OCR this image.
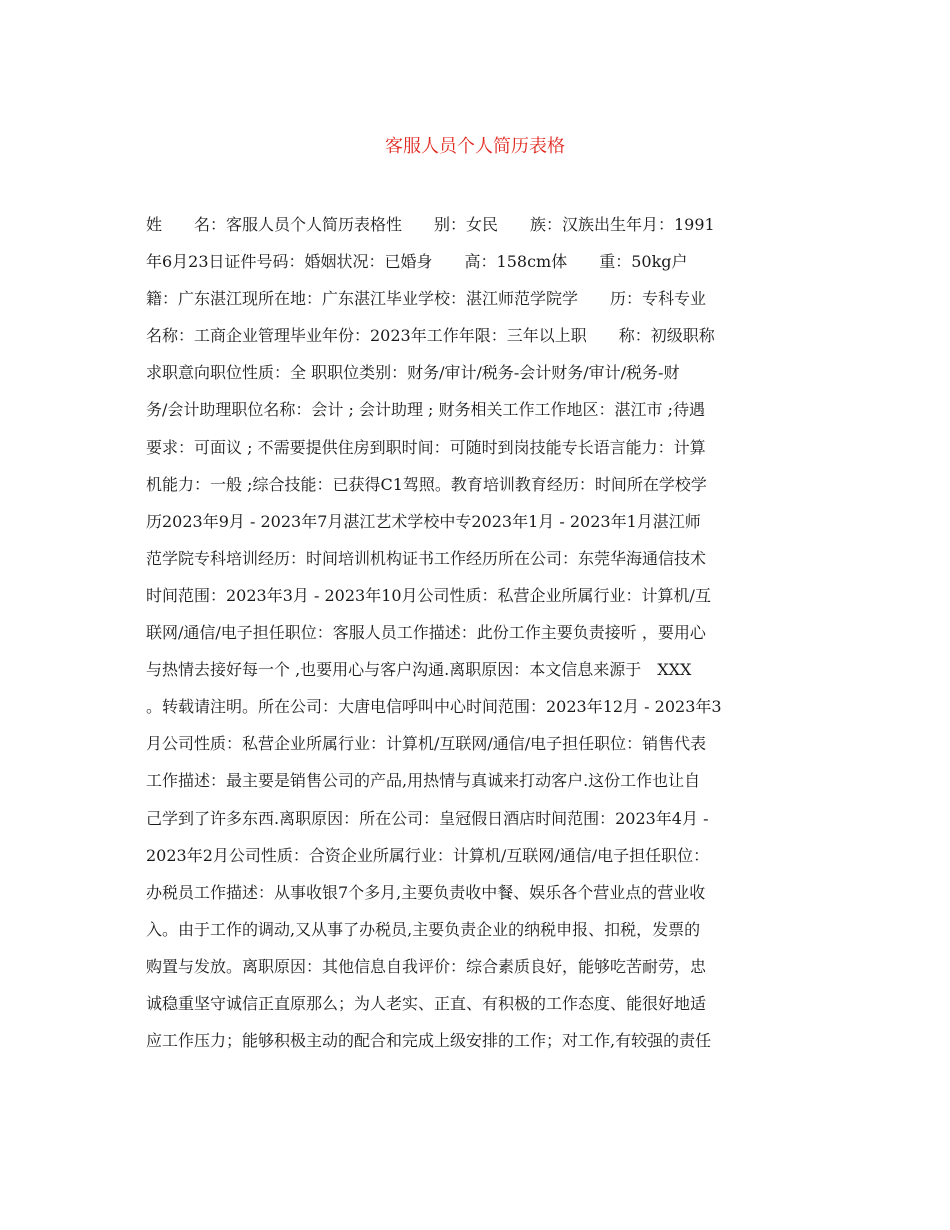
客服人员个人简历表格
姓　　名：客服人员个人简历表格性　　别：女民　　族：汉族出生年月：1991
年6月23日证件号码：婚姻状况：已婚身　　高：158cm体　　重：50kg户
籍：广东湛江现所在地：广东湛江毕业学校：湛江师范学院学　　历：专科专业
名称：工商企业管理毕业年份：2023年工作年限：三年以上职　　称：初级职称
求职意向职位性质：全 职职位类别：财务/审计/税务-会计财务/审计/税务-财
务/会计助理职位名称：会计 ; 会计助理 ; 财务相关工作工作地区：湛江市 ;待遇
要求：可面议 ; 不需要提供住房到职时间：可随时到岗技能专长语言能力：计算
机能力：一般 ;综合技能：已获得C1驾照。教育培训教育经历：时间所在学校学
历2023年9月 - 2023年7月湛江艺术学校中专2023年1月 - 2023年1月湛江师
范学院专科培训经历：时间培训机构证书工作经历所在公司：东莞华海通信技术
时间范围：2023年3月 - 2023年10月公司性质：私营企业所属行业：计算机/互
联网/通信/电子担任职位：客服人员工作描述：此份工作主要负责接听 ，要用心
与热情去接好每一个 ,也要用心与客户沟通.离职原因：本文信息来源于　XXX
。转载请注明。所在公司：大唐电信呼叫中心时间范围：2023年12月 - 2023年3
月公司性质：私营企业所属行业：计算机/互联网/通信/电子担任职位：销售代表
工作描述：最主要是销售公司的产品,用热情与真诚来打动客户.这份工作也让自
己学到了许多东西.离职原因：所在公司：皇冠假日酒店时间范围：2023年4月 -
2023年2月公司性质：合资企业所属行业：计算机/互联网/通信/电子担任职位：
办税员工作描述：从事收银7个多月,主要负责收中餐、娱乐各个营业点的营业收
入。由于工作的调动,又从事了办税员,主要负责企业的纳税申报、扣税，发票的
购置与发放。离职原因：其他信息自我评价：综合素质良好，能够吃苦耐劳，忠
诚稳重坚守诚信正直原那么；为人老实、正直、有积极的工作态度、能很好地适
应工作压力；能够积极主动的配合和完成上级安排的工作；对工作,有较强的责任
